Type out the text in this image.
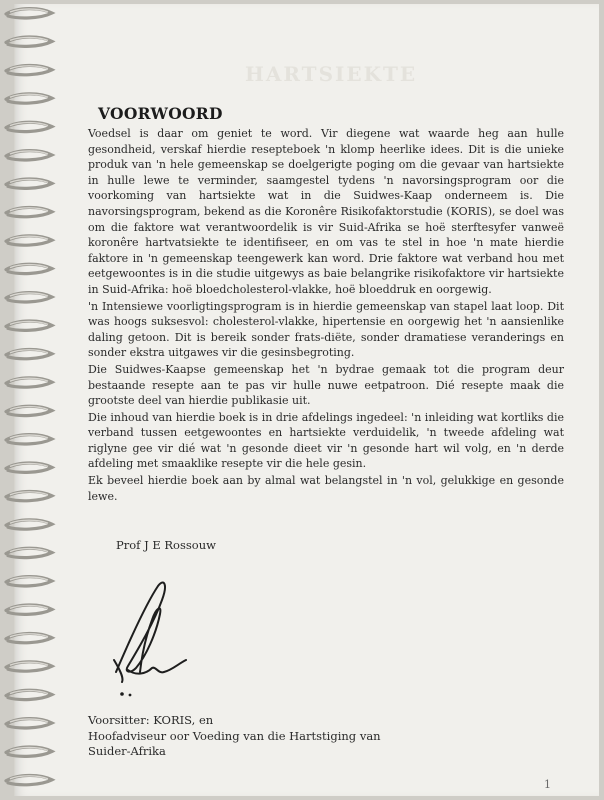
HARTSIEKTE
VOORWOORD

Voedsel is daar om geniet te word. Vir diegene wat waarde heg aan hulle gesondheid, verskaf hierdie resepteboek 'n klomp heerlike idees. Dit is die unieke produk van 'n hele gemeenskap se doelgerigte poging om die gevaar van hartsiekte in hulle lewe te verminder, saamgestel tydens 'n navorsingsprogram oor die voorkoming van hartsiekte wat in die Suidwes-Kaap onderneem is. Die navorsingsprogram, bekend as die Koronêre Risikofaktorstudie (KORIS), se doel was om die faktore wat verantwoordelik is vir Suid-Afrika se hoë sterftesyfer vanweë koronêre hartvatsiekte te identifiseer, en om vas te stel in hoe 'n mate hierdie faktore in 'n gemeenskap teengewerk kan word. Drie faktore wat verband hou met eetgewoontes is in die studie uitgewys as baie belangrike risikofaktore vir hartsiekte in Suid-Afrika: hoë bloedcholesterol-vlakke, hoë bloeddruk en oorgewig.

'n Intensiewe voorligtingsprogram is in hierdie gemeenskap van stapel laat loop. Dit was hoogs suksesvol: cholesterol-vlakke, hipertensie en oorgewig het 'n aansienlike daling getoon. Dit is bereik sonder frats-diëte, sonder dramatiese veranderings en sonder ekstra uitgawes vir die gesinsbegroting.

Die Suidwes-Kaapse gemeenskap het 'n bydrae gemaak tot die program deur bestaande resepte aan te pas vir hulle nuwe eetpatroon. Dié resepte maak die grootste deel van hierdie publikasie uit.

Die inhoud van hierdie boek is in drie afdelings ingedeel: 'n inleiding wat kortliks die verband tussen eetgewoontes en hartsiekte verduidelik, 'n tweede afdeling wat riglyne gee vir dié wat 'n gesonde dieet vir 'n gesonde hart wil volg, en 'n derde afdeling met smaaklike resepte vir die hele gesin.

Ek beveel hierdie boek aan by almal wat belangstel in 'n vol, gelukkige en gesonde lewe.

Prof J E Rossouw
Voorsitter: KORIS, en
Hoofadviseur oor Voeding van die Hartstiging van
Suider-Afrika
1
